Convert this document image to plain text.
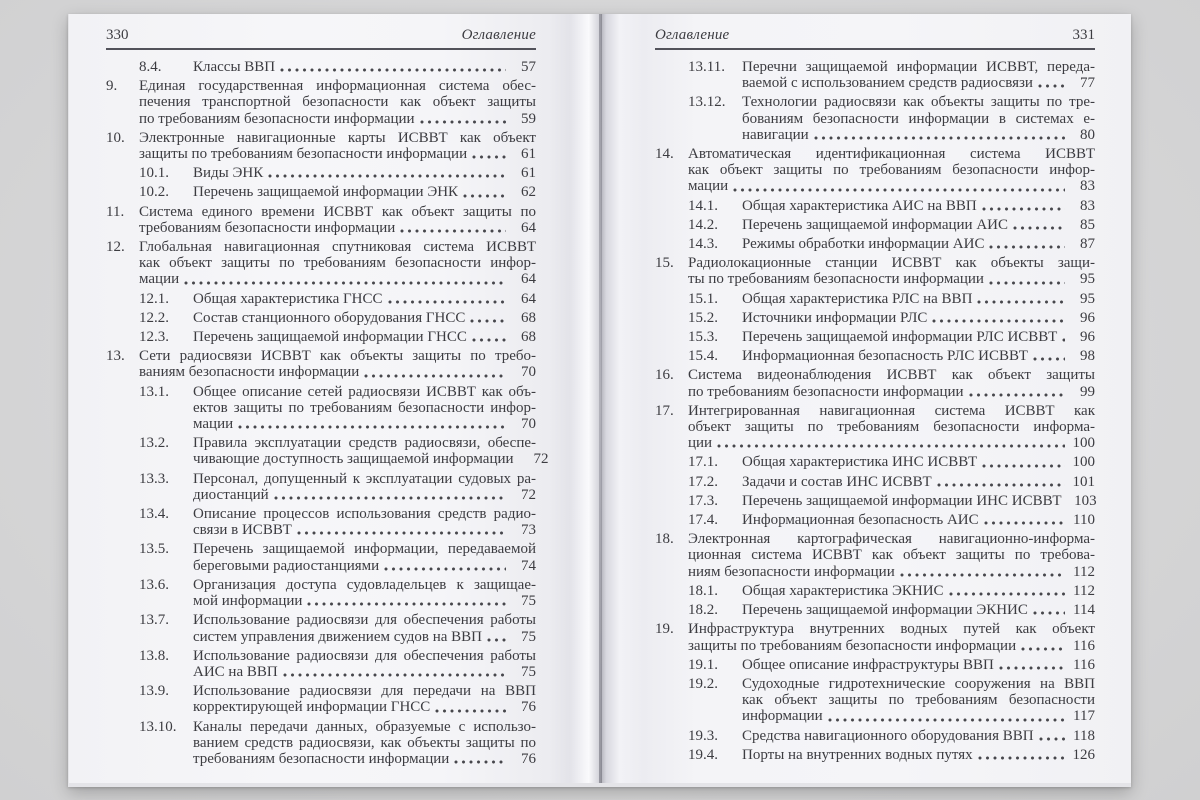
330	Оглавление
8.4.	Классы ВВП	57
9. Единая государственная информационная система обес-
печения транспортной безопасности как объект защиты
по требованиям безопасности информации	59
10. Электронные навигационные карты ИСВВТ как объект
защиты по требованиям безопасности информации	61
10.1.	Виды ЭНК	61
10.2.	Перечень защищаемой информации ЭНК	62
11. Система единого времени ИСВВТ как объект защиты по
требованиям безопасности информации	64
12. Глобальная навигационная спутниковая система ИСВВТ
как объект защиты по требованиям безопасности инфор-
мации	64
12.1.	Общая характеристика ГНСС	64
12.2.	Состав станционного оборудования ГНСС	68
12.3.	Перечень защищаемой информации ГНСС	68
13. Сети радиосвязи ИСВВТ как объекты защиты по требо-
ваниям безопасности информации	70
13.1. Общее описание сетей радиосвязи ИСВВТ как объ-
ектов защиты по требованиям безопасности инфор-
мации	70
13.2. Правила эксплуатации средств радиосвязи, обеспе-
чивающие доступность защищаемой информации	72
13.3. Персонал, допущенный к эксплуатации судовых ра-
диостанций	72
13.4. Описание процессов использования средств радио-
связи в ИСВВТ	73
13.5. Перечень защищаемой информации, передаваемой
береговыми радиостанциями	74
13.6. Организация доступа судовладельцев к защищае-
мой информации	75
13.7. Использование радиосвязи для обеспечения работы
систем управления движением судов на ВВП	75
13.8. Использование радиосвязи для обеспечения работы
АИС на ВВП	75
13.9. Использование радиосвязи для передачи на ВВП
корректирующей информации ГНСС	76
13.10. Каналы передачи данных, образуемые с использо-
ванием средств радиосвязи, как объекты защиты по
требованиям безопасности информации	76
Оглавление	331
13.11. Перечни защищаемой информации ИСВВТ, переда-
ваемой с использованием средств радиосвязи	77
13.12. Технологии радиосвязи как объекты защиты по тре-
бованиям безопасности информации в системах е-
навигации	80
14. Автоматическая идентификационная система ИСВВТ
как объект защиты по требованиям безопасности инфор-
мации	83
14.1.	Общая характеристика АИС на ВВП	83
14.2.	Перечень защищаемой информации АИС	85
14.3.	Режимы обработки информации АИС	87
15. Радиолокационные станции ИСВВТ как объекты защи-
ты по требованиям безопасности информации	95
15.1.	Общая характеристика РЛС на ВВП	95
15.2.	Источники информации РЛС	96
15.3.	Перечень защищаемой информации РЛС ИСВВТ	96
15.4.	Информационная безопасность РЛС ИСВВТ	98
16. Система видеонаблюдения ИСВВТ как объект защиты
по требованиям безопасности информации	99
17. Интегрированная навигационная система ИСВВТ как
объект защиты по требованиям безопасности информа-
ции	100
17.1.	Общая характеристика ИНС ИСВВТ	100
17.2.	Задачи и состав ИНС ИСВВТ	101
17.3.	Перечень защищаемой информации ИНС ИСВВТ 103
17.4.	Информационная безопасность АИС	110
18. Электронная картографическая навигационно-информа-
ционная система ИСВВТ как объект защиты по требова-
ниям безопасности информации	112
18.1.	Общая характеристика ЭКНИС	112
18.2.	Перечень защищаемой информации ЭКНИС	114
19. Инфраструктура внутренних водных путей как объект
защиты по требованиям безопасности информации	116
19.1.	Общее описание инфраструктуры ВВП	116
19.2. Судоходные гидротехнические сооружения на ВВП
как объект защиты по требованиям безопасности
информации	117
19.3.	Средства навигационного оборудования ВВП	118
19.4.	Порты на внутренних водных путях	126
